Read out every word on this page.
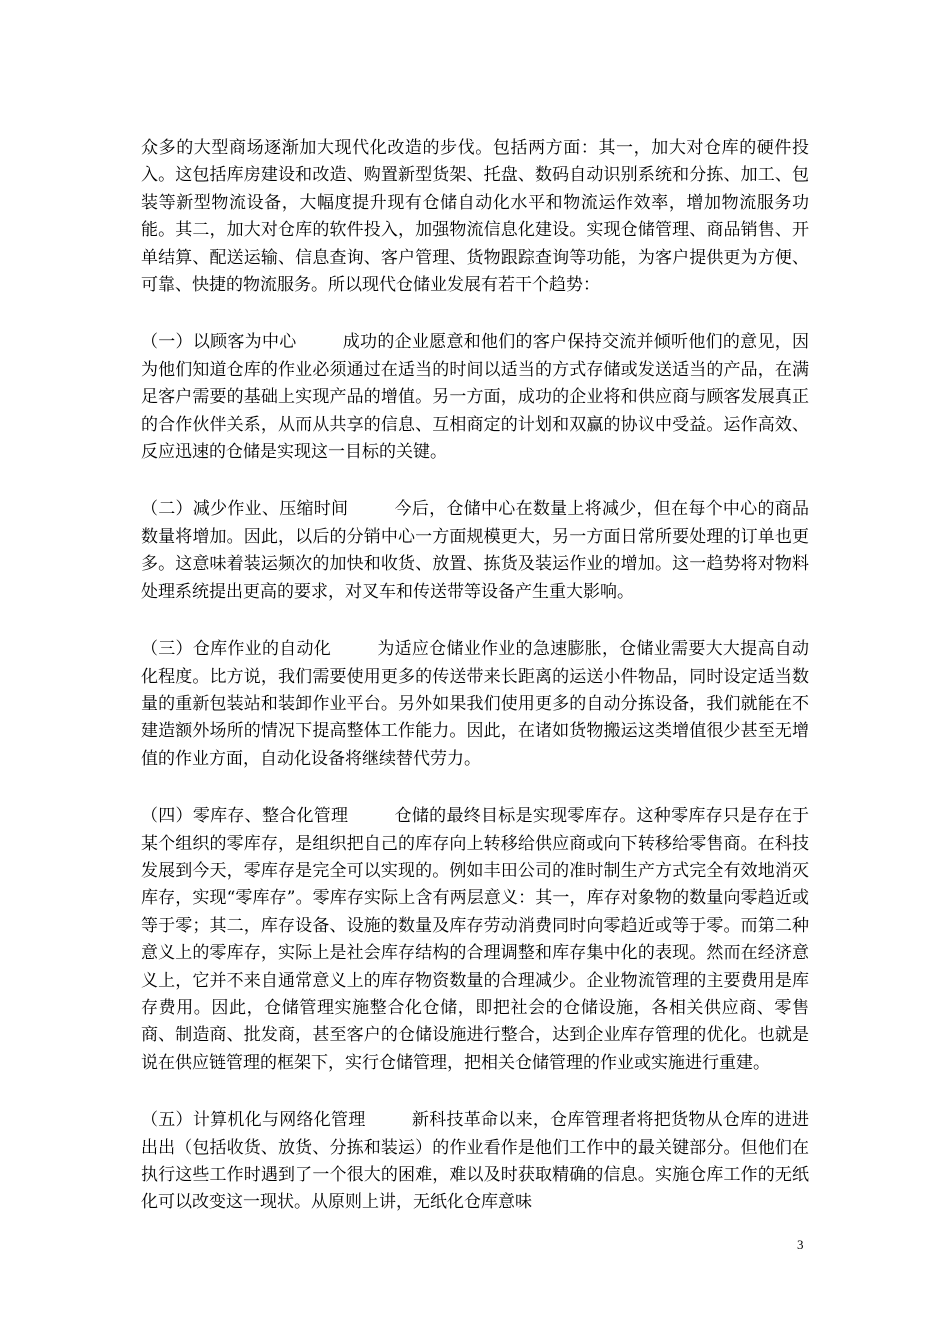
众多的大型商场逐渐加大现代化改造的步伐。包括两方面：其一，加大对仓库的硬件投入。这包括库房建设和改造、购置新型货架、托盘、数码自动识别系统和分拣、加工、包装等新型物流设备，大幅度提升现有仓储自动化水平和物流运作效率，增加物流服务功能。其二，加大对仓库的软件投入，加强物流信息化建设。实现仓储管理、商品销售、开单结算、配送运输、信息查询、客户管理、货物跟踪查询等功能，为客户提供更为方便、可靠、快捷的物流服务。所以现代仓储业发展有若干个趋势：

（一）以顾客为中心	成功的企业愿意和他们的客户保持交流并倾听他们的意见，因为他们知道仓库的作业必须通过在适当的时间以适当的方式存储或发送适当的产品，在满足客户需要的基础上实现产品的增值。另一方面，成功的企业将和供应商与顾客发展真正的合作伙伴关系，从而从共享的信息、互相商定的计划和双赢的协议中受益。运作高效、反应迅速的仓储是实现这一目标的关键。

（二）减少作业、压缩时间	今后，仓储中心在数量上将减少，但在每个中心的商品数量将增加。因此，以后的分销中心一方面规模更大，另一方面日常所要处理的订单也更多。这意味着装运频次的加快和收货、放置、拣货及装运作业的增加。这一趋势将对物料处理系统提出更高的要求，对叉车和传送带等设备产生重大影响。

（三）仓库作业的自动化	为适应仓储业作业的急速膨胀，仓储业需要大大提高自动化程度。比方说，我们需要使用更多的传送带来长距离的运送小件物品，同时设定适当数量的重新包装站和装卸作业平台。另外如果我们使用更多的自动分拣设备，我们就能在不建造额外场所的情况下提高整体工作能力。因此，在诸如货物搬运这类增值很少甚至无增值的作业方面，自动化设备将继续替代劳力。

（四）零库存、整合化管理	仓储的最终目标是实现零库存。这种零库存只是存在于某个组织的零库存，是组织把自己的库存向上转移给供应商或向下转移给零售商。在科技发展到今天，零库存是完全可以实现的。例如丰田公司的准时制生产方式完全有效地消灭库存，实现“零库存”。零库存实际上含有两层意义：其一，库存对象物的数量向零趋近或等于零；其二，库存设备、设施的数量及库存劳动消费同时向零趋近或等于零。而第二种意义上的零库存，实际上是社会库存结构的合理调整和库存集中化的表现。然而在经济意义上，它并不来自通常意义上的库存物资数量的合理减少。企业物流管理的主要费用是库存费用。因此，仓储管理实施整合化仓储，即把社会的仓储设施，各相关供应商、零售商、制造商、批发商，甚至客户的仓储设施进行整合，达到企业库存管理的优化。也就是说在供应链管理的框架下，实行仓储管理，把相关仓储管理的作业或实施进行重建。

（五）计算机化与网络化管理	新科技革命以来，仓库管理者将把货物从仓库的进进出出（包括收货、放货、分拣和装运）的作业看作是他们工作中的最关键部分。但他们在执行这些工作时遇到了一个很大的困难，难以及时获取精确的信息。实施仓库工作的无纸化可以改变这一现状。从原则上讲，无纸化仓库意味

3
